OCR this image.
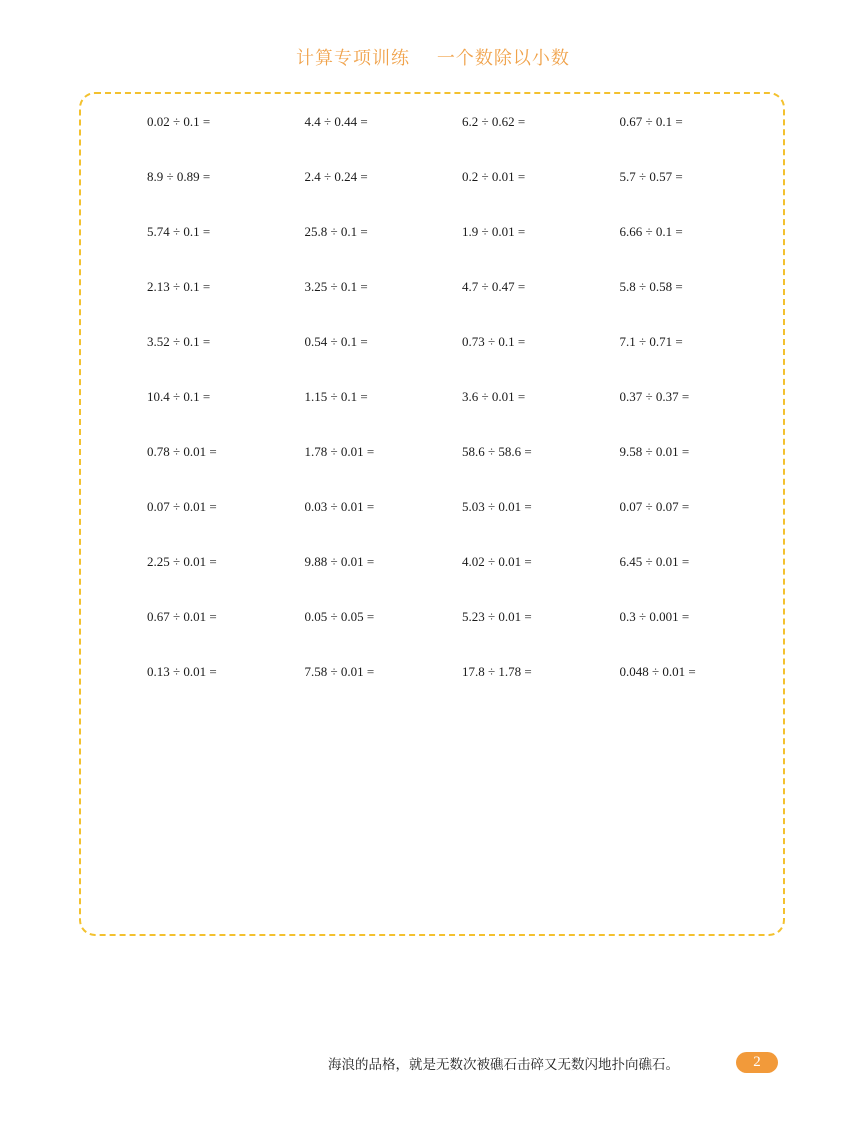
计算专项训练    一个数除以小数
0.02 ÷ 0.1 =	4.4 ÷ 0.44 =	6.2 ÷ 0.62 =	0.67 ÷ 0.1 =
8.9 ÷ 0.89 =	2.4 ÷ 0.24 =	0.2 ÷ 0.01 =	5.7 ÷ 0.57 =
5.74 ÷ 0.1 =	25.8 ÷ 0.1 =	1.9 ÷ 0.01 =	6.66 ÷ 0.1 =
2.13 ÷ 0.1 =	3.25 ÷ 0.1 =	4.7 ÷ 0.47 =	5.8 ÷ 0.58 =
3.52 ÷ 0.1 =	0.54 ÷ 0.1 =	0.73 ÷ 0.1 =	7.1 ÷ 0.71 =
10.4 ÷ 0.1 =	1.15 ÷ 0.1 =	3.6 ÷ 0.01 =	0.37 ÷ 0.37 =
0.78 ÷ 0.01 =	1.78 ÷ 0.01 =	58.6 ÷ 58.6 =	9.58 ÷ 0.01 =
0.07 ÷ 0.01 =	0.03 ÷ 0.01 =	5.03 ÷ 0.01 =	0.07 ÷ 0.07 =
2.25 ÷ 0.01 =	9.88 ÷ 0.01 =	4.02 ÷ 0.01 =	6.45 ÷ 0.01 =
0.67 ÷ 0.01 =	0.05 ÷ 0.05 =	5.23 ÷ 0.01 =	0.3 ÷ 0.001 =
0.13 ÷ 0.01 =	7.58 ÷ 0.01 =	17.8 ÷ 1.78 =	0.048 ÷ 0.01 =
海浪的品格，就是无数次被礁石击碎又无数闪地扑向礁石。	2
